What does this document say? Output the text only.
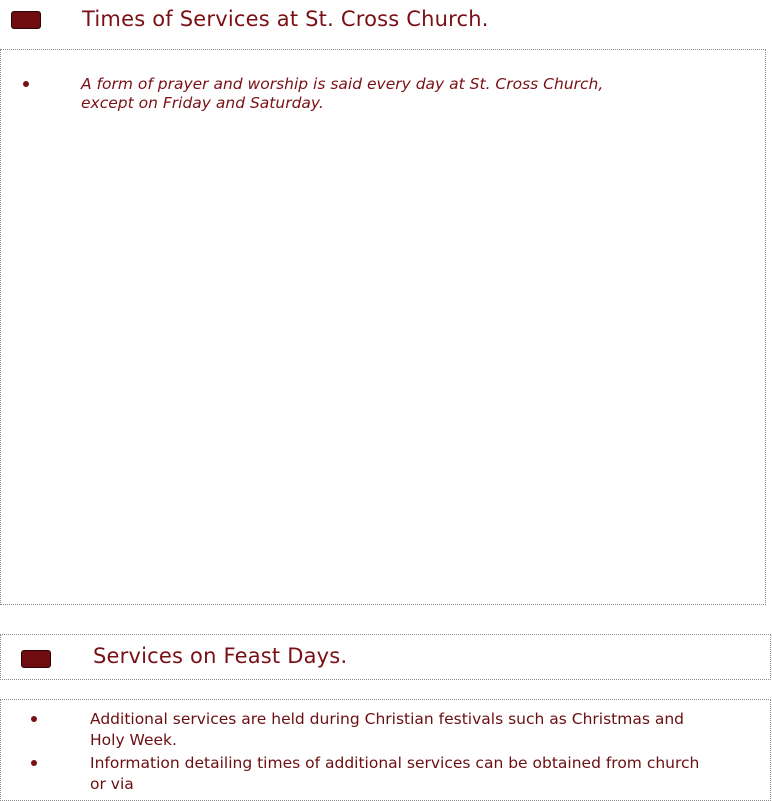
Times of Services at St. Cross Church.
A form of prayer and worship is said every day at St. Cross Church,
except on Friday and Saturday.
Services on Feast Days.
Additional services are held during Christian festivals such as Christmas and
Holy Week.
Information detailing times of additional services can be obtained from church
or via
